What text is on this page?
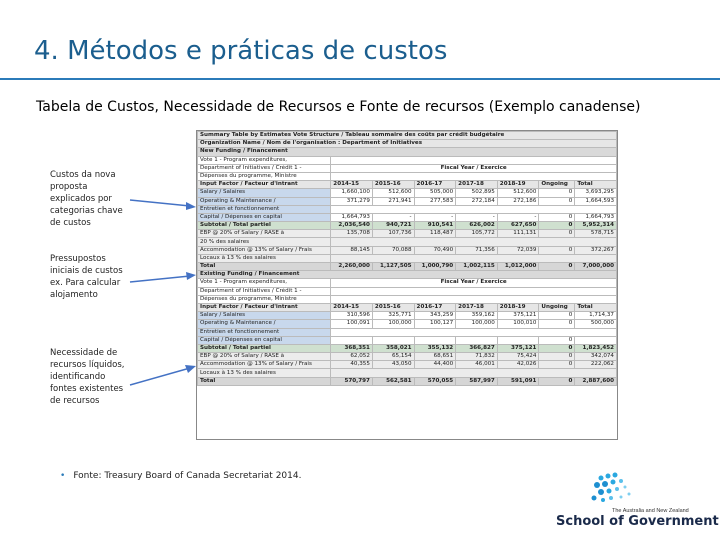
4. Métodos e práticas de custos
Tabela de Custos, Necessidade de Recursos e Fonte de recursos (Exemplo canadense)
Custos da nova proposta explicados por categorias chave de custos
Pressupostos iniciais de custos ex. Para calcular alojamento
Necessidade de recursos líquidos, identificando fontes existentes de recursos
Summary Table by Estimates Vote Structure / Tableau sommaire des coûts par crédit budgétaire							
Organization Name / Nom de l'organisation : Department of Initiatives							
New Funding / Financement							
Vote 1 - Program expenditures,							
Department of Initiatives / Crédit 1 -	Fiscal Year / Exercice						
Dépenses du programme, Ministre							
Input Factor / Facteur d'intrant	2014-15	2015-16	2016-17	2017-18	2018-19	Ongoing	Total
Salary / Salaires	1,660,100	512,600	505,000	502,895	512,600	0	3,693,295
Operating & Maintenance /	371,279	271,941	277,583	272,184	272,186	0	1,664,593
Entretien et fonctionnement							
Capital / Dépenses en capital	1,664,793	-	-	-	-	0	1,664,793
Subtotal / Total partiel	2,036,540	940,721	910,541	626,002	627,650	0	5,952,314
EBP @ 20% of Salary / RASE à	135,708	107,736	118,487	105,772	111,131	0	578,715
20 % des salaires							
Accommodation @ 13% of Salary / Frais	88,145	70,088	70,490	71,356	72,039	0	372,267
Locaux à 13 % des salaires							
Total	2,260,000	1,127,505	1,000,790	1,002,115	1,012,000	0	7,000,000
Existing Funding / Financement							
Vote 1 - Program expenditures,	Fiscal Year / Exercice						
Department of Initiatives / Crédit 1 -							
Dépenses du programme, Ministre							
Input Factor / Facteur d'intrant	2014-15	2015-16	2016-17	2017-18	2018-19	Ungoing	Total
Salary / Salaires	310,596	325,771	343,259	359,162	375,121	0	1,714,37
Operating & Maintenance /	100,091	100,000	100,127	100,000	100,010	0	500,000
Entretien et fonctionnement							
Capital / Dépenses en capital						0	
Subtotal / Total partiel	368,351	358,021	355,132	366,827	375,121	0	1,823,452
EBP @ 20% of Salary / RASE à	62,052	65,154	68,651	71,832	75,424	0	342,074
Accommodation @ 13% of Salary / Frais	40,355	43,050	44,400	46,001	42,026	0	222,062
Locaux à 13 % des salaires							
Total	570,797	562,581	570,055	587,997	591,091	0	2,887,600
• Fonte: Treasury Board of Canada Secretariat 2014.
The Australia and New Zealand
School of Government
